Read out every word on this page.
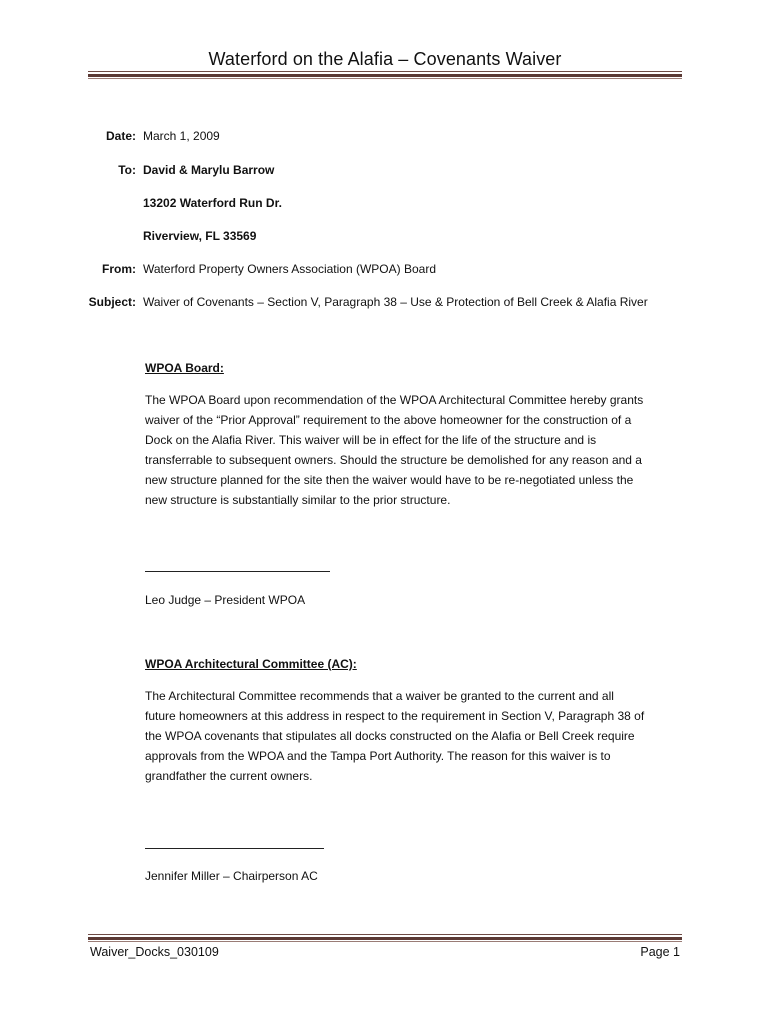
Waterford on the Alafia – Covenants Waiver
Date: March 1, 2009
To: David & Marylu Barrow
13202 Waterford Run Dr.
Riverview, FL 33569
From: Waterford Property Owners Association (WPOA) Board
Subject: Waiver of Covenants – Section V, Paragraph 38 – Use & Protection of Bell Creek & Alafia River
WPOA Board:
The WPOA Board upon recommendation of the WPOA Architectural Committee hereby grants
waiver of the “Prior Approval” requirement to the above homeowner for the construction of a
Dock on the Alafia River. This waiver will be in effect for the life of the structure and is
transferrable to subsequent owners. Should the structure be demolished for any reason and a
new structure planned for the site then the waiver would have to be re-negotiated unless the
new structure is substantially similar to the prior structure.
Leo Judge – President WPOA
WPOA Architectural Committee (AC):
The Architectural Committee recommends that a waiver be granted to the current and all
future homeowners at this address in respect to the requirement in Section V, Paragraph 38 of
the WPOA covenants that stipulates all docks constructed on the Alafia or Bell Creek require
approvals from the WPOA and the Tampa Port Authority. The reason for this waiver is to
grandfather the current owners.
Jennifer Miller – Chairperson AC
Waiver_Docks_030109	Page 1
